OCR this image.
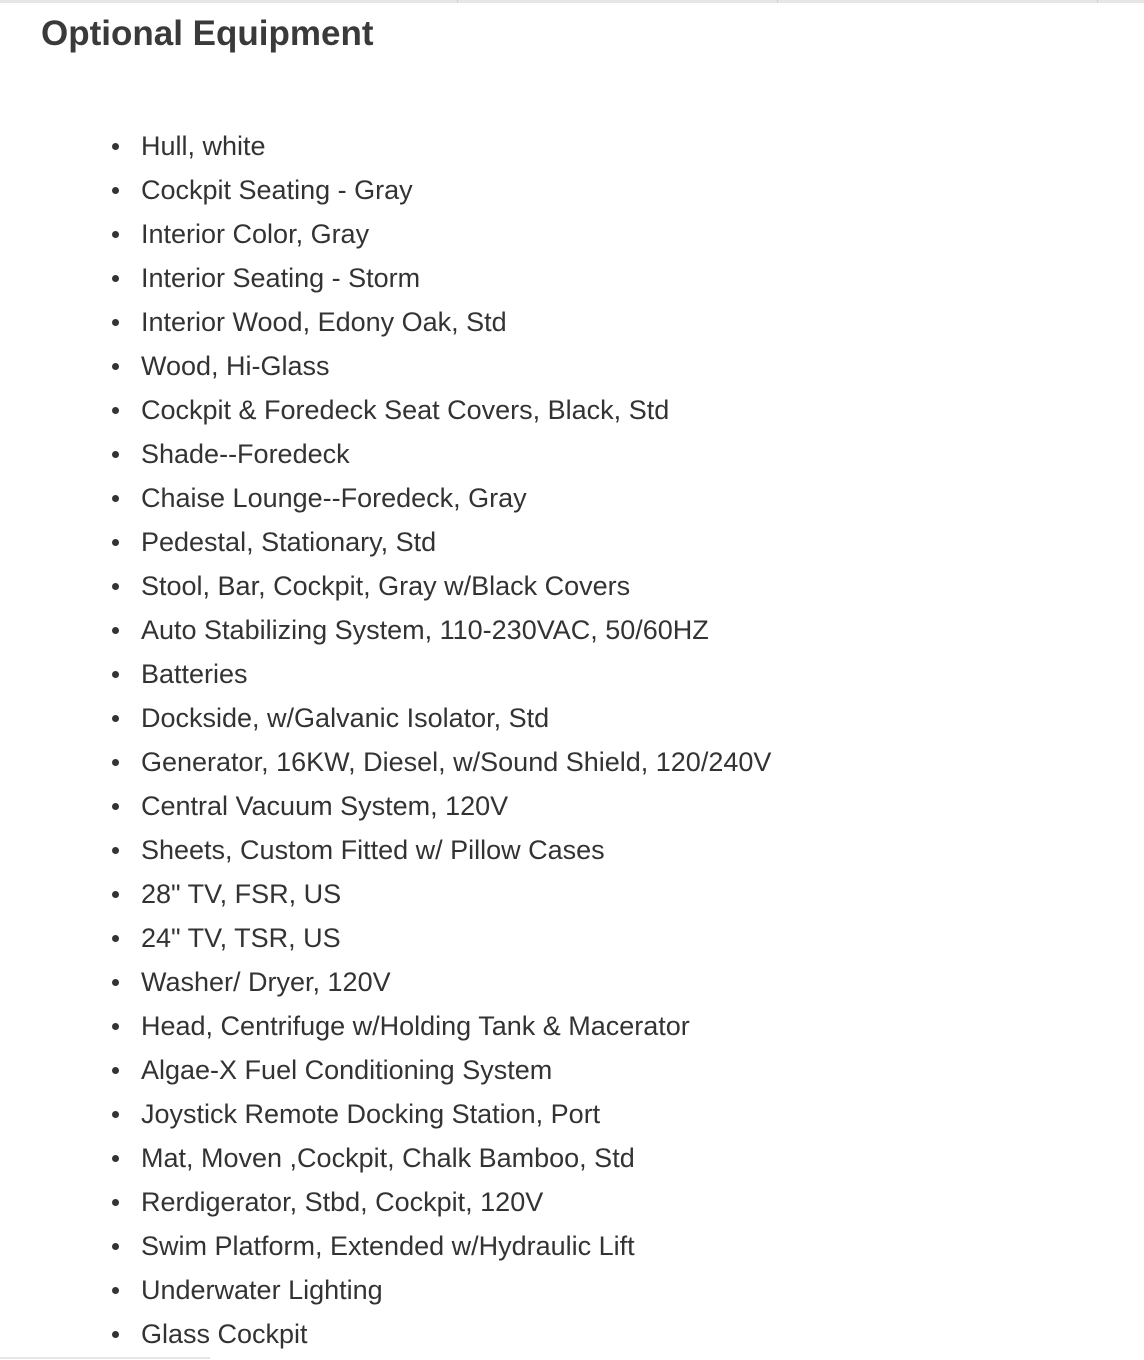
Optional Equipment
Hull, white
Cockpit Seating - Gray
Interior Color, Gray
Interior Seating - Storm
Interior Wood, Edony Oak, Std
Wood, Hi-Glass
Cockpit & Foredeck Seat Covers, Black, Std
Shade--Foredeck
Chaise Lounge--Foredeck, Gray
Pedestal, Stationary, Std
Stool, Bar, Cockpit, Gray w/Black Covers
Auto Stabilizing System, 110-230VAC, 50/60HZ
Batteries
Dockside, w/Galvanic Isolator, Std
Generator, 16KW, Diesel, w/Sound Shield, 120/240V
Central Vacuum System, 120V
Sheets, Custom Fitted w/ Pillow Cases
28" TV, FSR, US
24" TV, TSR, US
Washer/ Dryer, 120V
Head, Centrifuge w/Holding Tank & Macerator
Algae-X Fuel Conditioning System
Joystick Remote Docking Station, Port
Mat, Moven ,Cockpit, Chalk Bamboo, Std
Rerdigerator, Stbd, Cockpit, 120V
Swim Platform, Extended w/Hydraulic Lift
Underwater Lighting
Glass Cockpit
